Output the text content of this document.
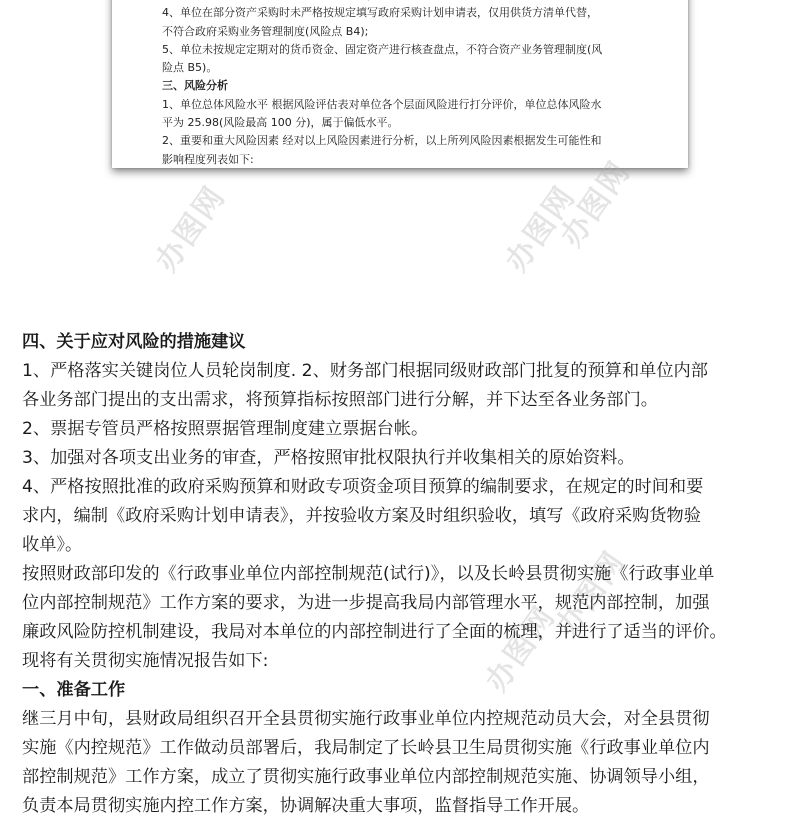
4、单位在部分资产采购时未严格按规定填写政府采购计划申请表，仅用供货方清单代替，
不符合政府采购业务管理制度(风险点 B4);
5、单位未按规定定期对的货币资金、固定资产进行核查盘点，不符合资产业务管理制度(风
险点 B5)。
三、风险分析
1、单位总体风险水平 根据风险评估表对单位各个层面风险进行打分评价，单位总体风险水
平为 25.98(风险最高 100 分)，属于偏低水平。
2、重要和重大风险因素 经对以上风险因素进行分析，以上所列风险因素根据发生可能性和
影响程度列表如下:
办图网	办图网
办图网
办图网
办图网
四、关于应对风险的措施建议
1、严格落实关键岗位人员轮岗制度. 2、财务部门根据同级财政部门批复的预算和单位内部
各业务部门提出的支出需求，将预算指标按照部门进行分解，并下达至各业务部门。
2、票据专管员严格按照票据管理制度建立票据台帐。
3、加强对各项支出业务的审查，严格按照审批权限执行并收集相关的原始资料。
4、严格按照批准的政府采购预算和财政专项资金项目预算的编制要求，在规定的时间和要
求内，编制《政府采购计划申请表》，并按验收方案及时组织验收，填写《政府采购货物验
收单》。
按照财政部印发的《行政事业单位内部控制规范(试行)》，以及长岭县贯彻实施《行政事业单
位内部控制规范》工作方案的要求，为进一步提高我局内部管理水平，规范内部控制，加强
廉政风险防控机制建设，我局对本单位的内部控制进行了全面的梳理，并进行了适当的评价。
现将有关贯彻实施情况报告如下:
一、准备工作
继三月中旬，县财政局组织召开全县贯彻实施行政事业单位内控规范动员大会，对全县贯彻
实施《内控规范》工作做动员部署后，我局制定了长岭县卫生局贯彻实施《行政事业单位内
部控制规范》工作方案，成立了贯彻实施行政事业单位内部控制规范实施、协调领导小组，
负责本局贯彻实施内控工作方案，协调解决重大事项，监督指导工作开展。
